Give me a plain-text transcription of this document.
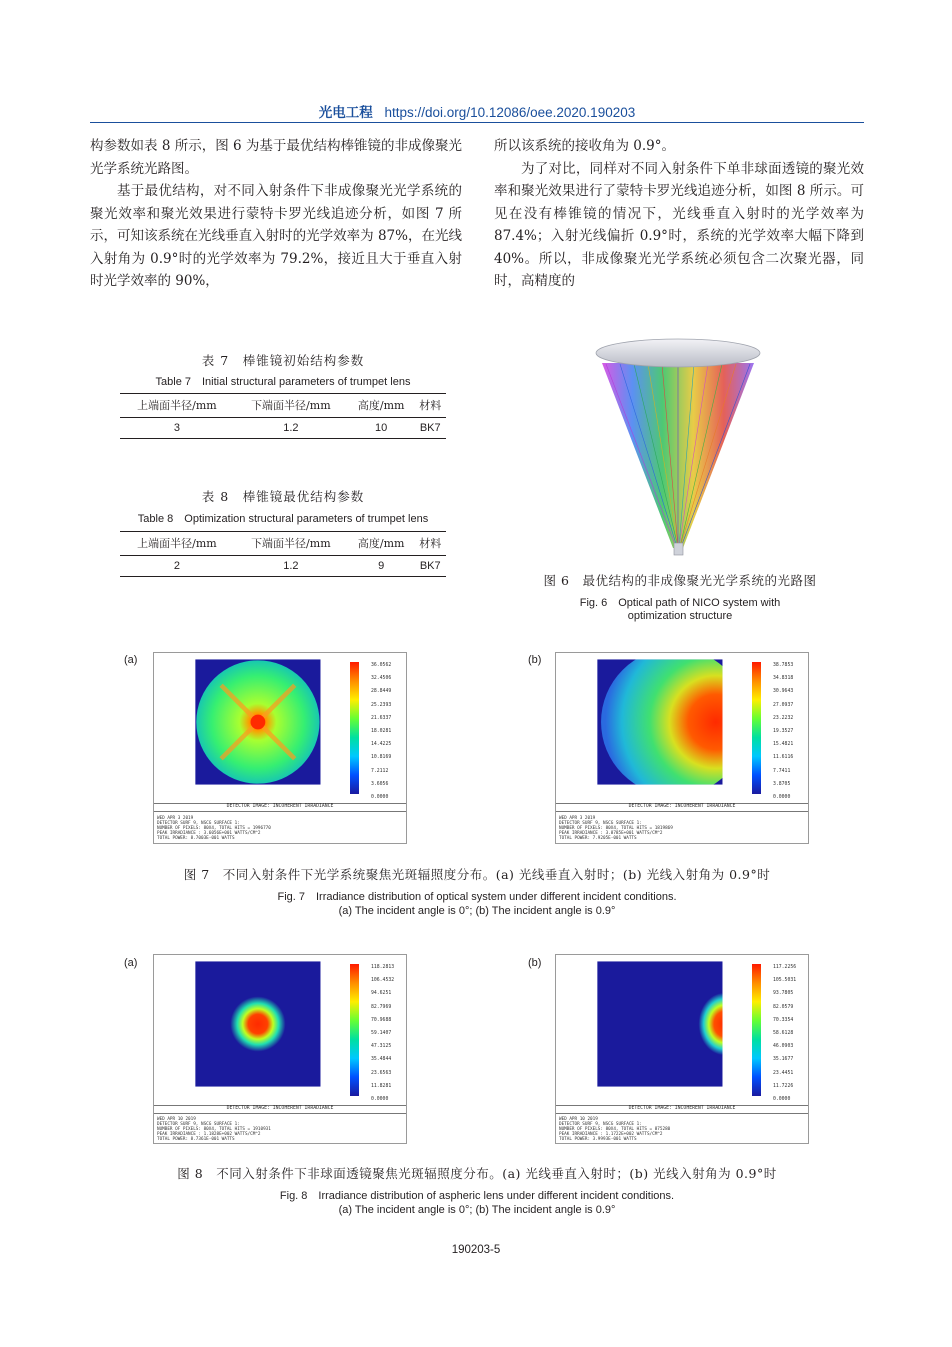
光电工程 https://doi.org/10.12086/oee.2020.190203

构参数如表 8 所示，图 6 为基于最优结构棒锥镜的非成像聚光光学系统光路图。

基于最优结构，对不同入射条件下非成像聚光光学系统的聚光效率和聚光效果进行蒙特卡罗光线追迹分析，如图 7 所示，可知该系统在光线垂直入射时的光学效率为 87%，在光线入射角为 0.9°时的光学效率为 79.2%，接近且大于垂直入射时光学效率的 90%，

所以该系统的接收角为 0.9°。

为了对比，同样对不同入射条件下单非球面透镜的聚光效率和聚光效果进行了蒙特卡罗光线追迹分析，如图 8 所示。可见在没有棒锥镜的情况下，光线垂直入射时的光学效率为 87.4%；入射光线偏折 0.9°时，系统的光学效率大幅下降到 40%。所以，非成像聚光光学系统必须包含二次聚光器，同时，高精度的

表 7　棒锥镜初始结构参数
Table 7　Initial structural parameters of trumpet lens
上端面半径/mm	下端面半径/mm	高度/mm	材料
3	1.2	10	BK7
表 8　棒锥镜最优结构参数
Table 8　Optimization structural parameters of trumpet lens
上端面半径/mm	下端面半径/mm	高度/mm	材料
2	1.2	9	BK7
图 6　最优结构的非成像聚光光学系统的光路图
Fig. 6　Optical path of NICO system with
optimization structure
(a)	36.0562
32.4506
28.8449
25.2393
21.6337
18.0281
14.4225
10.8169
7.2112
3.6056
0.0000
DETECTOR IMAGE: INCOHERENT IRRADIANCE
WED APR 3 2019
DETECTOR SURF 9, NSCG SURFACE 1:
NUMBER OF PIXELS: 80X4, TOTAL HITS = 1996770
PEAK IRRADIANCE : 3.6056E+001 WATTS/CM^2
TOTAL POWER: 8.7003E-001 WATTS
(b)	38.7853
34.8318
30.9643
27.0937
23.2232
19.3527
15.4821
11.6116
7.7411
3.8705
0.0000
DETECTOR IMAGE: INCOHERENT IRRADIANCE
WED APR 3 2019
DETECTOR SURF 9, NSCG SURFACE 1:
NUMBER OF PIXELS: 80X4, TOTAL HITS = 1819869
PEAK IRRADIANCE : 3.8785E+001 WATTS/CM^2
TOTAL POWER: 7.9205E-001 WATTS
图 7　不同入射条件下光学系统聚焦光斑辐照度分布。(a) 光线垂直入射时；(b) 光线入射角为 0.9°时
Fig. 7　Irradiance distribution of optical system under different incident conditions.
(a) The incident angle is 0°; (b) The incident angle is 0.9°
(a)	118.2813
106.4532
94.6251
82.7969
70.9688
59.1407
47.3125
35.4844
23.6563
11.8281
0.0000
DETECTOR IMAGE: INCOHERENT IRRADIANCE
WED APR 10 2019
DETECTOR SURF 9, NSCG SURFACE 1:
NUMBER OF PIXELS: 80X4, TOTAL HITS = 1910931
PEAK IRRADIANCE : 1.1828E+002 WATTS/CM^2
TOTAL POWER: 8.7361E-001 WATTS
(b)	117.2256
105.5031
93.7805
82.0579
70.3354
58.6128
46.0903
35.1677
23.4451
11.7226
0.0000
DETECTOR IMAGE: INCOHERENT IRRADIANCE
WED APR 10 2019
DETECTOR SURF 9, NSCG SURFACE 1:
NUMBER OF PIXELS: 80X4, TOTAL HITS = 875280
PEAK IRRADIANCE : 1.1722E+002 WATTS/CM^2
TOTAL POWER: 3.9993E-001 WATTS
图 8　不同入射条件下非球面透镜聚焦光斑辐照度分布。(a) 光线垂直入射时；(b) 光线入射角为 0.9°时
Fig. 8　Irradiance distribution of aspheric lens under different incident conditions.
(a) The incident angle is 0°; (b) The incident angle is 0.9°
190203-5
